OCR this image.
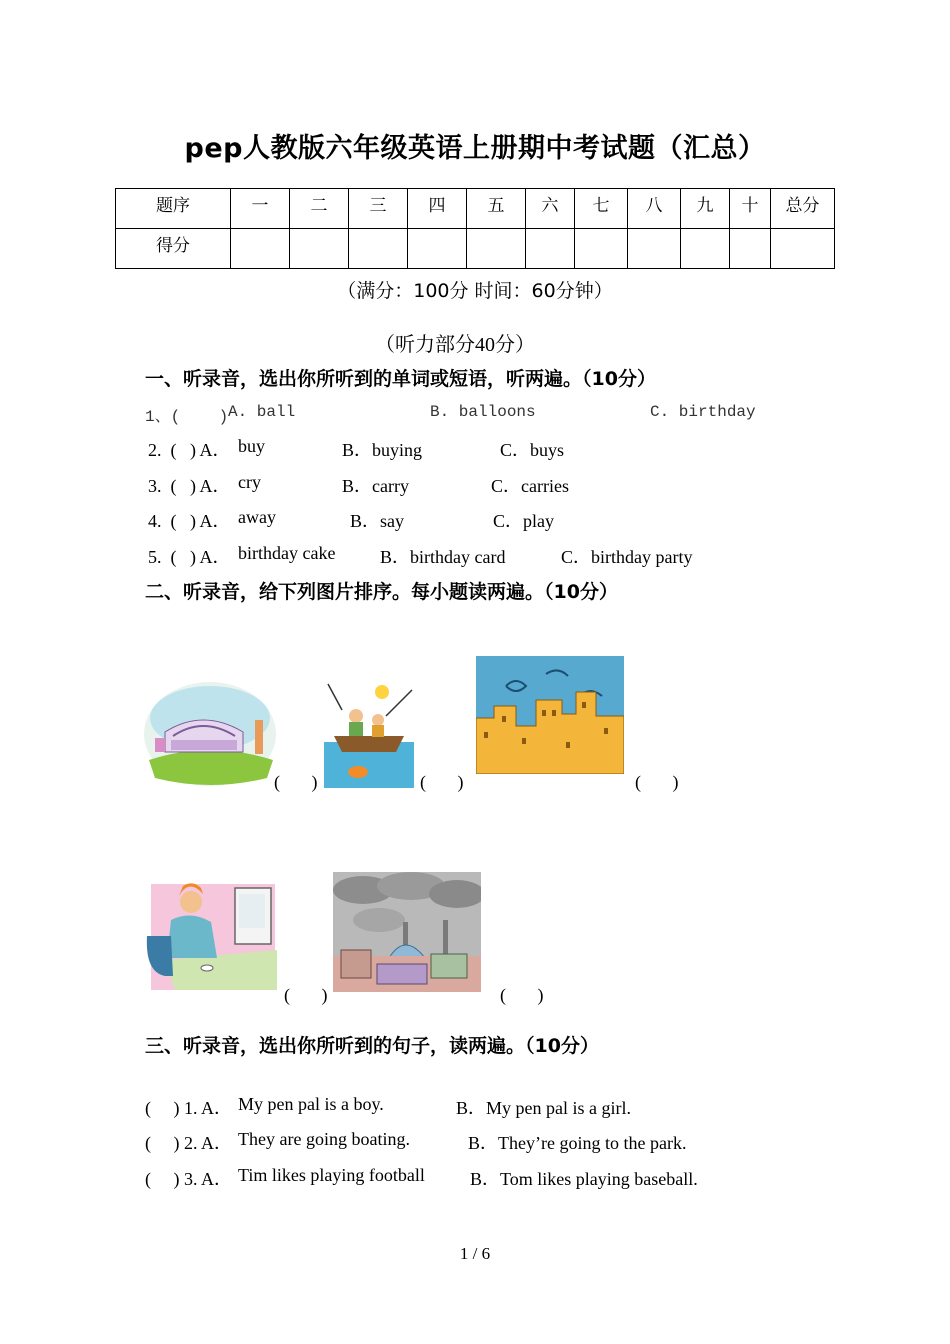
pep人教版六年级英语上册期中考试题（汇总）
题序	一	二	三	四	五	六	七	八	九	十	总分
得分											
（满分：100分 时间：60分钟）
（听力部分40分）
一、听录音，选出你所听到的单词或短语，听两遍。（10分）
1、(    ) A. ball	B. balloons	C. birthday
2.  (   ) A． buy	B．buying	C．buys
3.  (   ) A． cry	B．carry	C．carries
4.  (   ) A． away	B．say	C．play
5.  (   ) A． birthday cake B．birthday card	C．birthday party
二、听录音，给下列图片排序。每小题读两遍。（10分）
(       )	(       )	(       )
(       )	(       )
三、听录音，选出你所听到的句子，读两遍。（10分）
(     ) 1. A． My pen pal is a boy.	B．My pen pal is a girl.
(     ) 2. A． They are going boating.	B．They’re going to the park.
(     ) 3. A． Tim likes playing football	B．Tom likes playing baseball.
1 / 6
